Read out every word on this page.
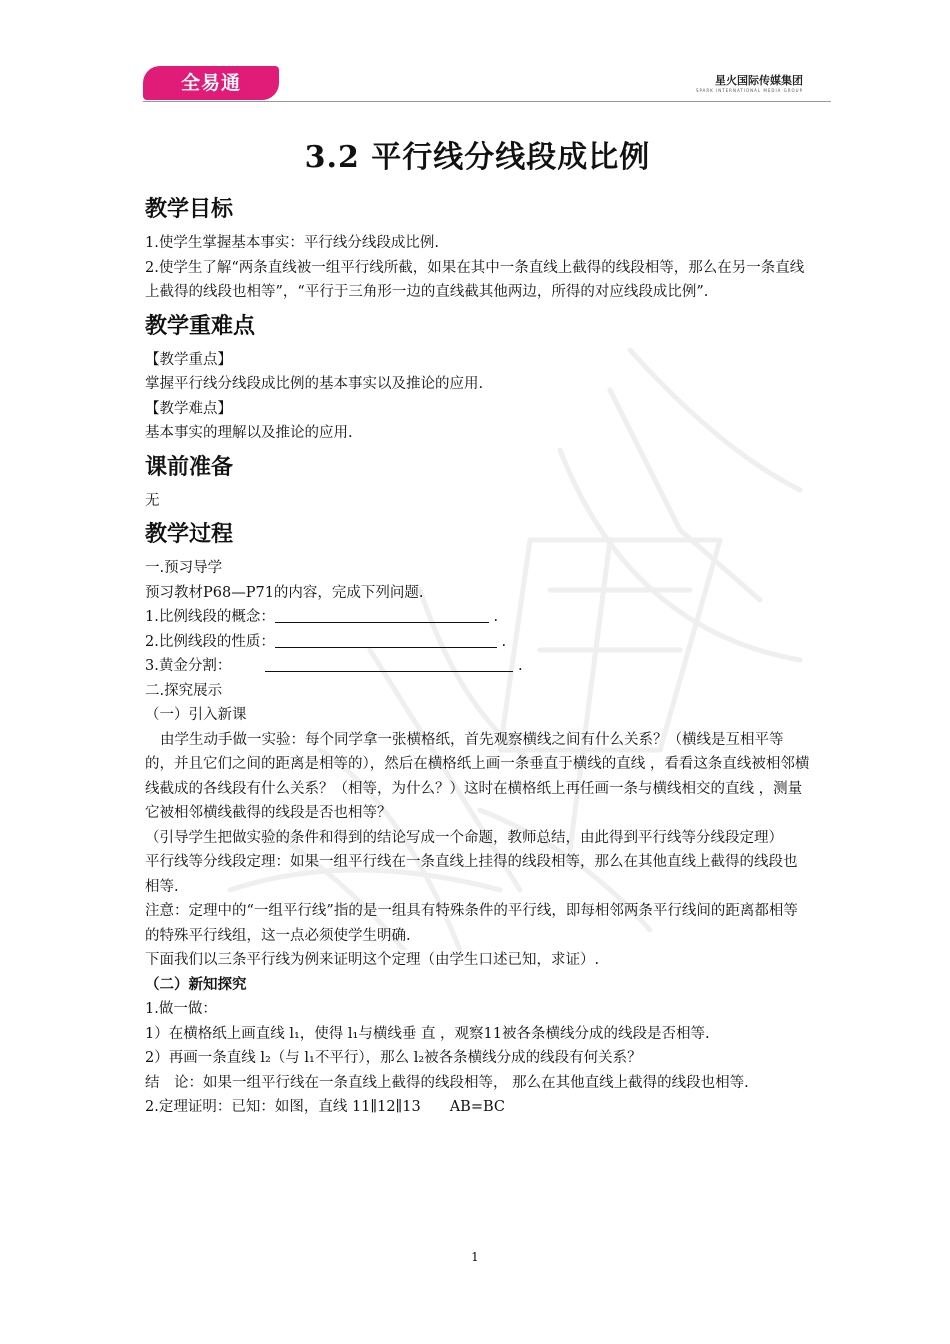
全易通	星火国际传媒集团
SPARK INTERNATIONAL MEDIA GROUP
3.2 平行线分线段成比例
教学目标

1.使学生掌握基本事实：平行线分线段成比例.

2.使学生了解“两条直线被一组平行线所截，如果在其中一条直线上截得的线段相等，那么在另一条直线上截得的线段也相等”，“平行于三角形一边的直线截其他两边，所得的对应线段成比例”.

教学重难点

【教学重点】

掌握平行线分线段成比例的基本事实以及推论的应用.

【教学难点】

基本事实的理解以及推论的应用.

课前准备

无

教学过程

一.预习导学

预习教材P68—P71的内容，完成下列问题.

1.比例线段的概念：	.

2.比例线段的性质：	.

3.黄金分割：	.

二.探究展示

（一）引入新课

由学生动手做一实验：每个同学拿一张横格纸，首先观察横线之间有什么关系？（横线是互相平等的，并且它们之间的距离是相等的），然后在横格纸上画一条垂直于横线的直线 ，看看这条直线被相邻横线截成的各线段有什么关系？（相等，为什么？）这时在横格纸上再任画一条与横线相交的直线 ，测量它被相邻横线截得的线段是否也相等？

（引导学生把做实验的条件和得到的结论写成一个命题，教师总结，由此得到平行线等分线段定理）

平行线等分线段定理：如果一组平行线在一条直线上挂得的线段相等，那么在其他直线上截得的线段也相等.

注意：定理中的“一组平行线”指的是一组具有特殊条件的平行线，即每相邻两条平行线间的距离都相等的特殊平行线组，这一点必须使学生明确.

下面我们以三条平行线为例来证明这个定理（由学生口述已知，求证）.

（二）新知探究

1.做一做：

1）在横格纸上画直线 l₁，使得 l₁与横线垂 直 ，观察11被各条横线分成的线段是否相等.

2）再画一条直线 l₂（与 l₁不平行），那么 l₂被各条横线分成的线段有何关系？

结　论：如果一组平行线在一条直线上截得的线段相等， 那么在其他直线上截得的线段也相等.

2.定理证明：已知：如图，直线 11∥12∥13　　AB=BC

1
